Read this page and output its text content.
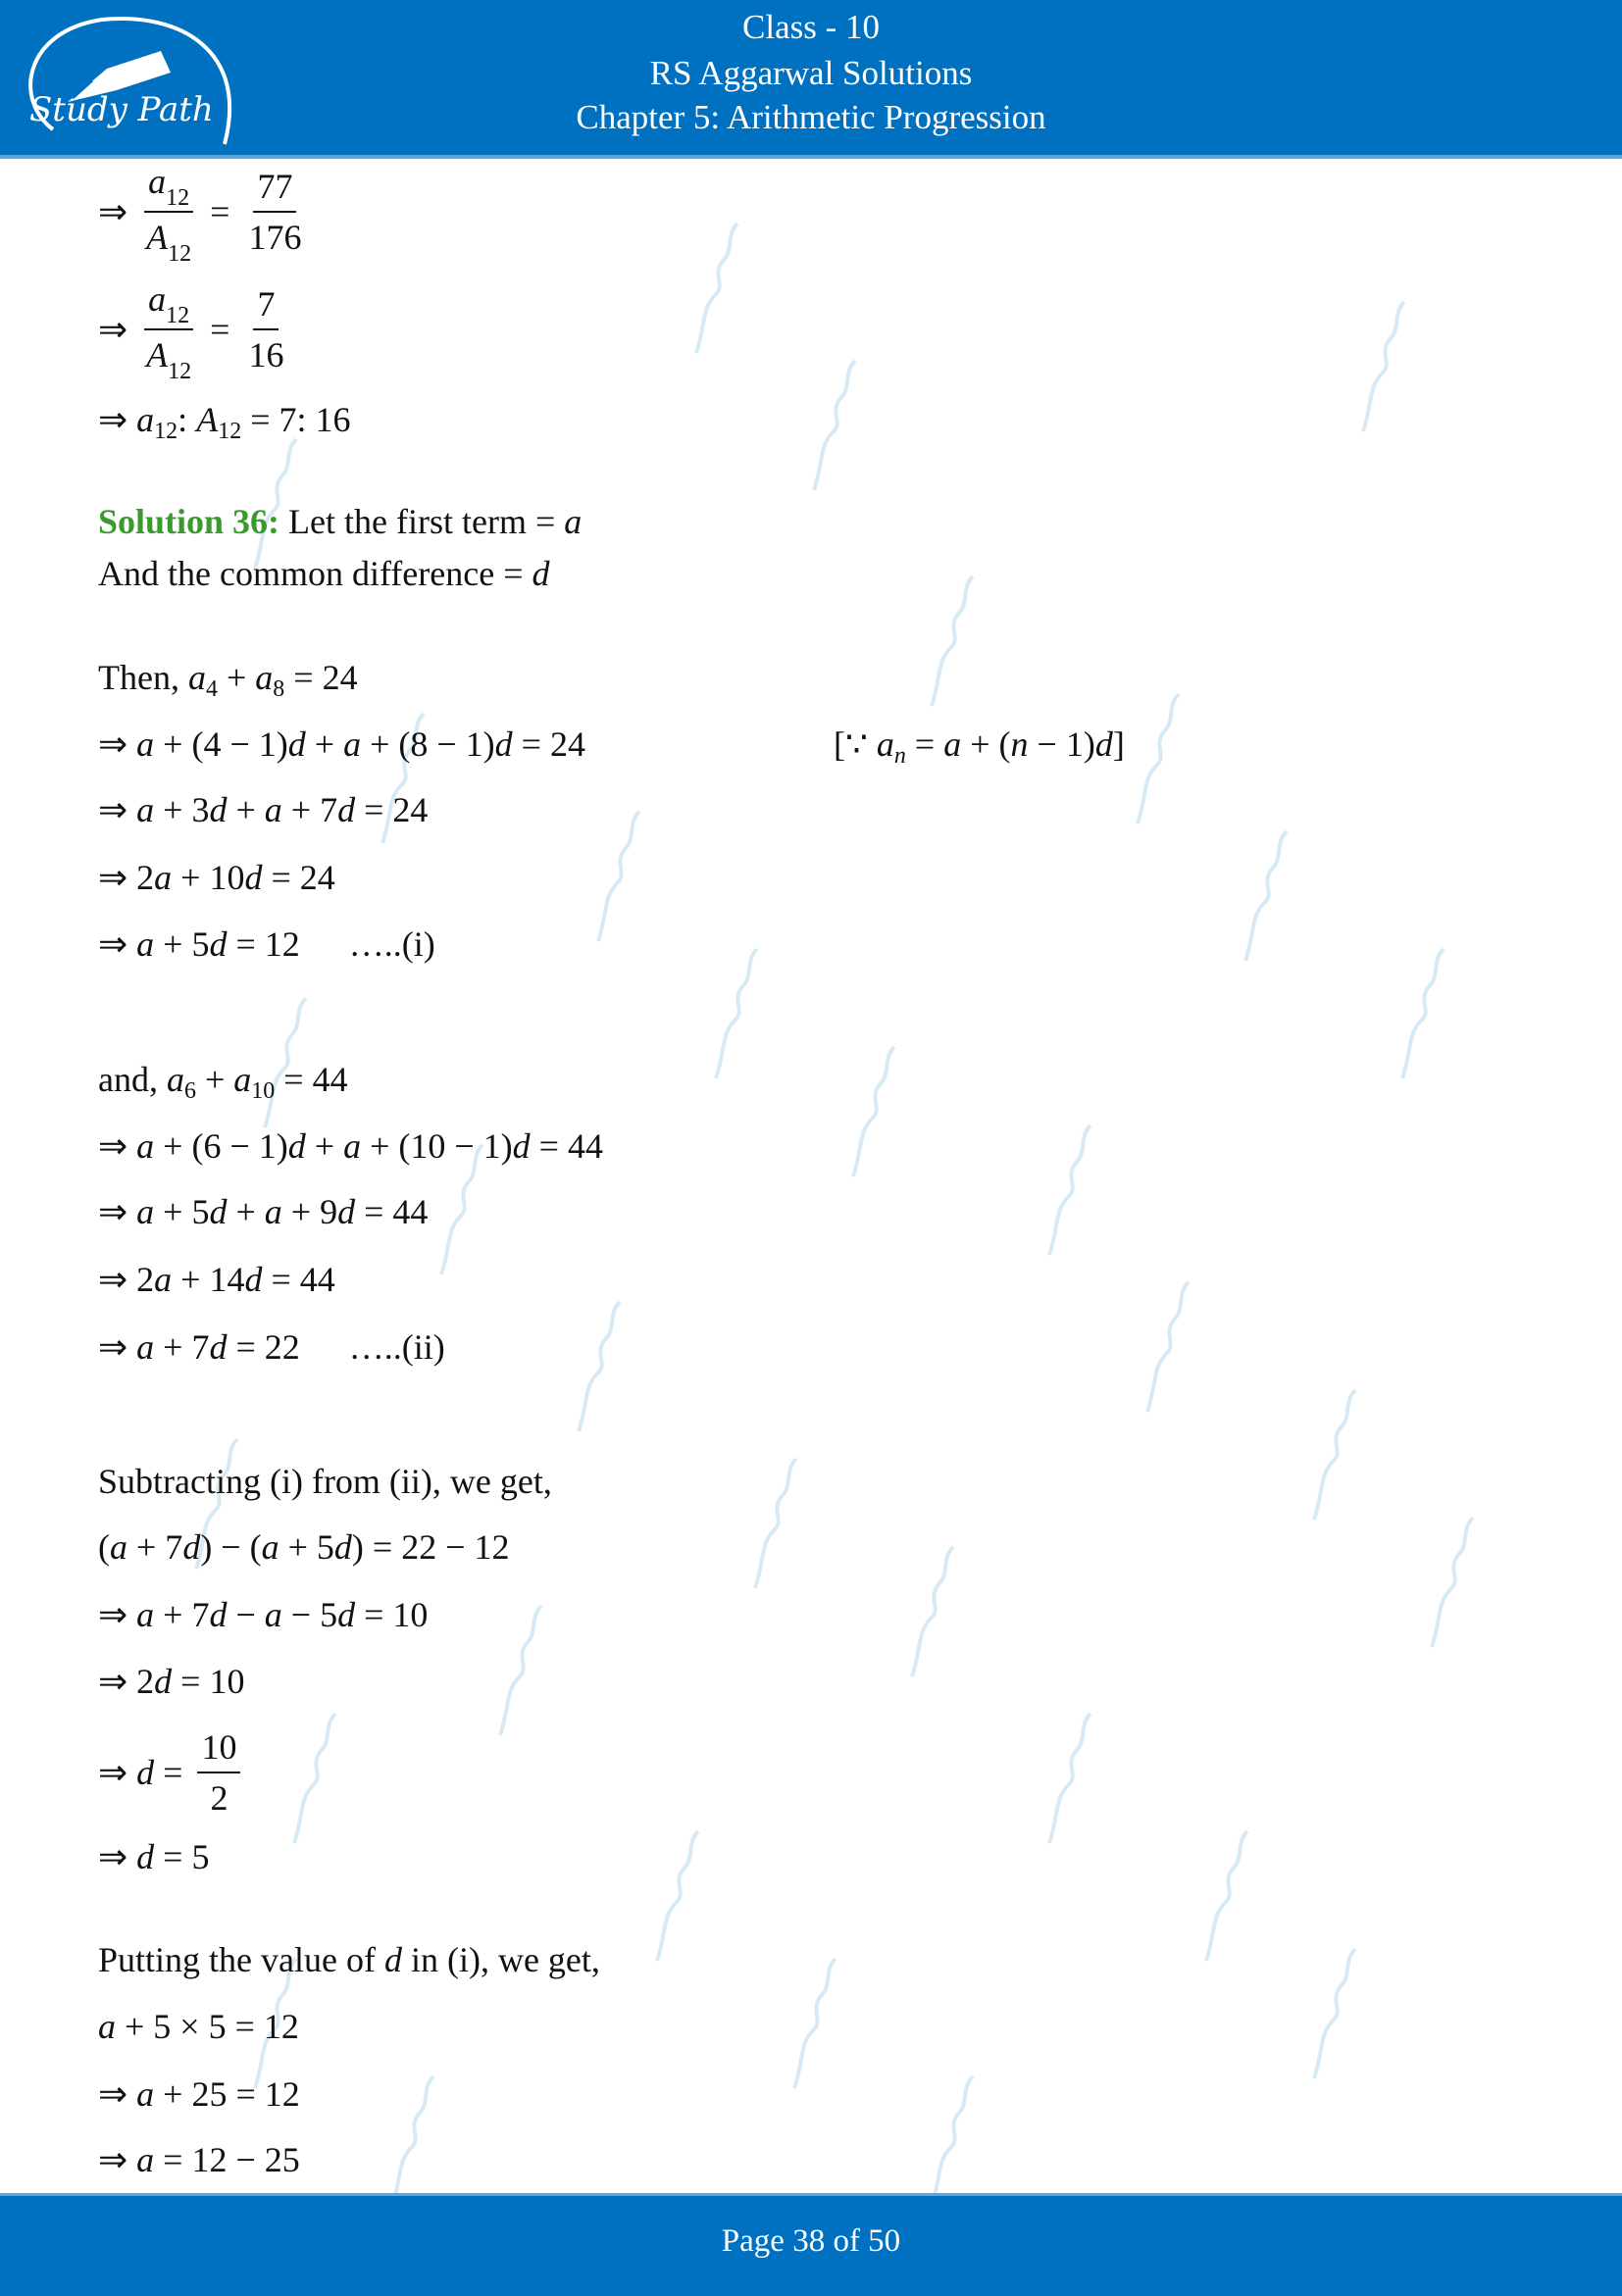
Study Path
Class - 10
RS Aggarwal Solutions
Chapter 5: Arithmetic Progression
⇒ $\frac{a_{12}}{A_{12}} = \frac{77}{176}$
⇒ $\frac{a_{12}}{A_{12}} = \frac{7}{16}$
⇒ a 12 : A 12 = 7: 16
Solution 36: Let the first term = a
And the common difference = d
Then, a 4 + a 8 = 24
⇒ a + (4 − 1) d + a + (8 − 1) d = 24	[∵ a n = a + ( n − 1) d ]
⇒ a + 3 d + a + 7 d = 24
⇒ 2 a + 10 d = 24
⇒ a + 5 d = 12 …..(i)
and, a 6 + a 10 = 44
⇒ a + (6 − 1) d + a + (10 − 1) d = 44
⇒ a + 5 d + a + 9 d = 44
⇒ 2 a + 14 d = 44
⇒ a + 7 d = 22 …..(ii)
Subtracting (i) from (ii), we get,
( a + 7 d ) − ( a + 5 d ) = 22 − 12
⇒ a + 7 d − a − 5 d = 10
⇒ 2 d = 10
⇒ $d = \frac{10}{2}$
⇒ d = 5
Putting the value of d in (i), we get,
a + 5 × 5 = 12
⇒ a + 25 = 12
⇒ a = 12 − 25
Page 38 of 50
